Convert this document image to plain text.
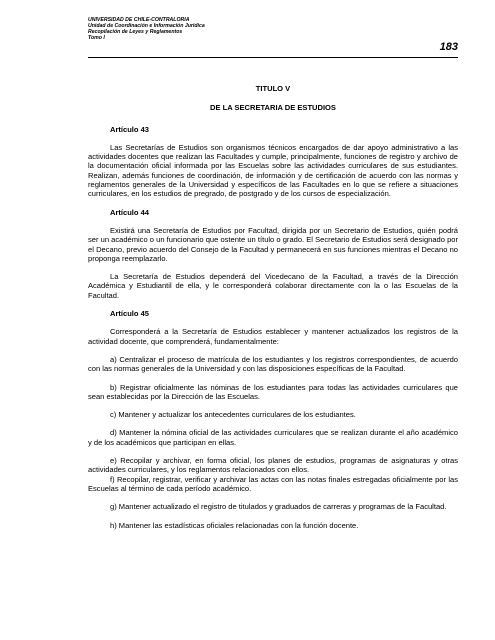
UNIVERSIDAD DE CHILE-CONTRALORIA
Unidad de Coordinación e Información Jurídica
Recopilación de Leyes y Reglamentos
Tomo I
183
TITULO V
DE LA SECRETARIA DE ESTUDIOS
Artículo 43

Las Secretarías de Estudios son organismos técnicos encargados de dar apoyo administrativo a las actividades docentes que realizan las Facultades y cumple, principalmente, funciones de registro y archivo de la documentación oficial informada por las Escuelas sobre las actividades curriculares de sus estudiantes. Realizan, además funciones de coordinación, de información y de certificación de acuerdo con las normas y reglamentos generales de la Universidad y específicos de las Facultades en lo que se refiere a situaciones curriculares, en los estudios de pregrado, de postgrado y de los cursos de especialización.

Artículo 44

Existirá una Secretaría de Estudios por Facultad, dirigida por un Secretario de Estudios, quién podrá ser un académico o un funcionario que ostente un título o grado. El Secretario de Estudios será designado por el Decano, previo acuerdo del Consejo de la Facultad y permanecerá en sus funciones mientras el Decano no proponga reemplazarlo.

La Secretaría de Estudios dependerá del Vicedecano de la Facultad, a través de la Dirección Académica y Estudiantil de ella, y le corresponderá colaborar directamente con la o las Escuelas de la Facultad.

Artículo 45

Corresponderá a la Secretaría de Estudios establecer y mantener actualizados los registros de la actividad docente, que comprenderá, fundamentalmente:

a) Centralizar el proceso de matrícula de los estudiantes y los registros correspondientes, de acuerdo con las normas generales de la Universidad y con las disposiciones específicas de la Facultad.

b) Registrar oficialmente las nóminas de los estudiantes para todas las actividades curriculares que sean establecidas por la Dirección de las Escuelas.

c) Mantener y actualizar los antecedentes curriculares de los estudiantes.

d) Mantener la nómina oficial de las actividades curriculares que se realizan durante el año académico y de los académicos que participan en ellas.

e) Recopilar y archivar, en forma oficial, los planes de estudios, programas de asignaturas y otras actividades curriculares, y los reglamentos relacionados con ellos.

f) Recopilar, registrar, verificar y archivar las actas con las notas finales estregadas oficialmente por las Escuelas al término de cada período académico.

g) Mantener actualizado el registro de titulados y graduados de carreras y programas de la Facultad.

h) Mantener las estadísticas oficiales relacionadas con la función docente.
